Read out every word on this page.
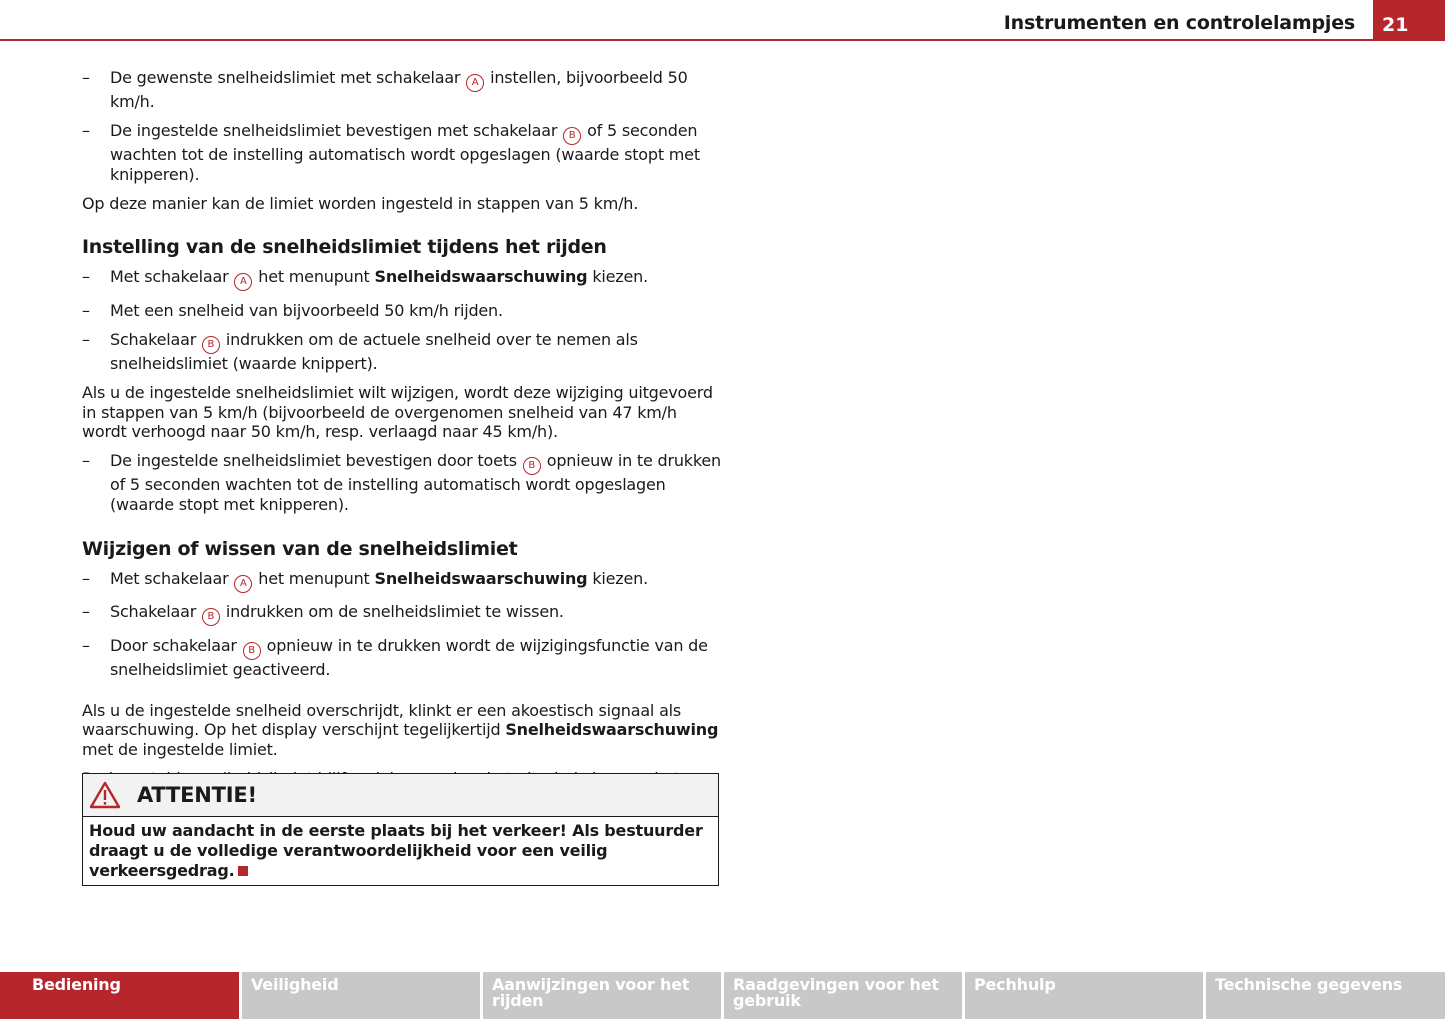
Instrumenten en controlelampjes	21
– De gewenste snelheidslimiet met schakelaar A instellen, bijvoorbeeld 50 km/h.
– De ingestelde snelheidslimiet bevestigen met schakelaar B of 5 seconden wachten tot de instelling automatisch wordt opgeslagen (waarde stopt met knipperen).

Op deze manier kan de limiet worden ingesteld in stappen van 5 km/h.

Instelling van de snelheidslimiet tijdens het rijden
– Met schakelaar A het menupunt Snelheidswaarschuwing kiezen.
– Met een snelheid van bijvoorbeeld 50 km/h rijden.
– Schakelaar B indrukken om de actuele snelheid over te nemen als snelheidslimiet (waarde knippert).

Als u de ingestelde snelheidslimiet wilt wijzigen, wordt deze wijziging uitgevoerd in stappen van 5 km/h (bijvoorbeeld de overgenomen snelheid van 47 km/h wordt verhoogd naar 50 km/h, resp. verlaagd naar 45 km/h).

– De ingestelde snelheidslimiet bevestigen door toets B opnieuw in te drukken of 5 seconden wachten tot de instelling automatisch wordt opgeslagen (waarde stopt met knipperen).
Wijzigen of wissen van de snelheidslimiet
– Met schakelaar A het menupunt Snelheidswaarschuwing kiezen.
– Schakelaar B indrukken om de snelheidslimiet te wissen.
– Door schakelaar B opnieuw in te drukken wordt de wijzigingsfunctie van de snelheidslimiet geactiveerd.

Als u de ingestelde snelheid overschrijdt, klinkt er een akoestisch signaal als waarschuwing. Op het display verschijnt tegelijkertijd Snelheidswaarschuwing met de ingestelde limiet.

ATTENTIE!
Houd uw aandacht in de eerste plaats bij het verkeer! Als bestuurder draagt u de volledige verantwoordelijkheid voor een veilig verkeersgedrag.
Bediening	Veiligheid	Aanwijzingen voor het rijden
Raadgevingen voor het gebruik
Pechhulp	Technische gegevens
